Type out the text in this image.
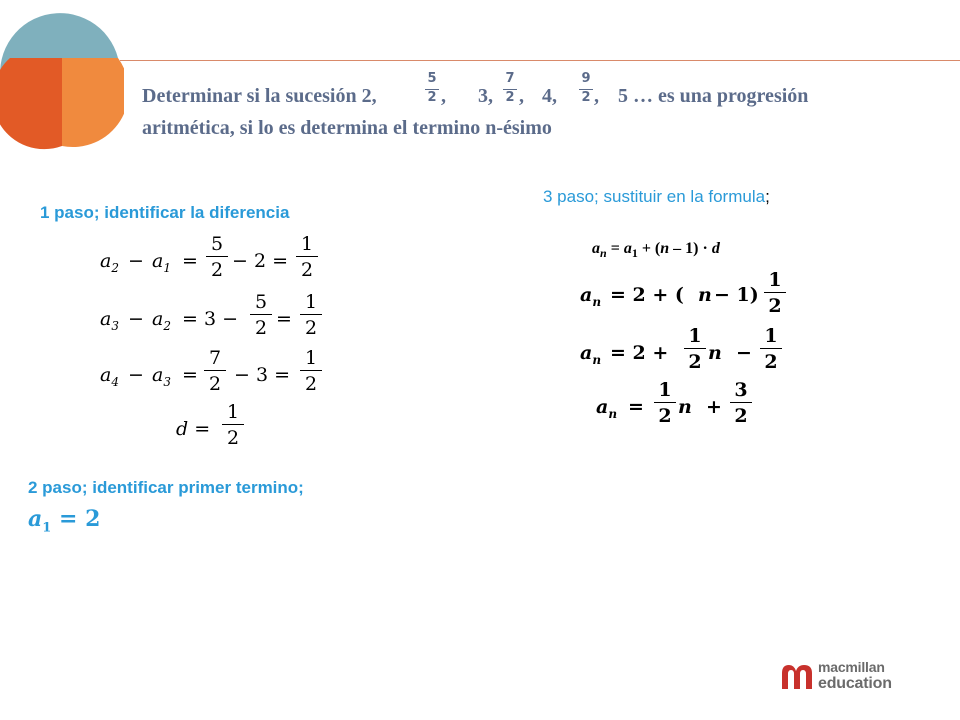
Determinar si la sucesión 2,
5
2 , 3,
7
2 , 4,
9
2 , 5 … es una progresión
aritmética, si lo es determina el termino n-ésimo
1 paso; identificar la diferencia
$a_2 - a_1$ =
5
2 − 2 =
1
2
$a_3 - a_2 = 3$ −
5
2 =
1
2
$a_4 - a_3$ =
7
2 − 3 =
1
2
d =
1
2
2 paso; identificar primer termino;
$a_1 = 2$
3 paso; sustituir en la formula;
$a_n = a_1 + (n - 1) \cdot d$
$a_n = 2$ + ( n − 1)
1
2
$a_n = 2$ +
1
2 n −
1
2
$a_n$ =
1
2 n +
3
2
macmillan
education
